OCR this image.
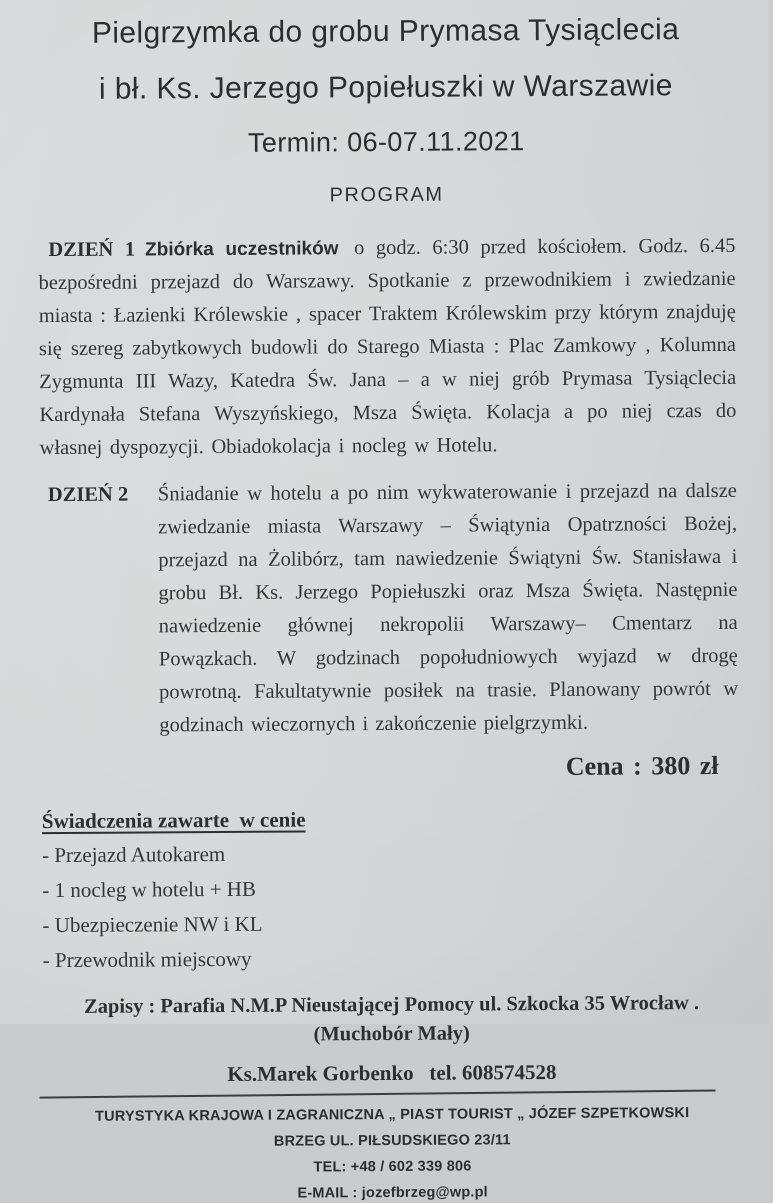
Pielgrzymka do grobu Prymasa Tysiąclecia
i bł. Ks. Jerzego Popiełuszki w Warszawie
Termin: 06-07.11.2021
PROGRAM

DZIEŃ 1 Zbiórka uczestników o godz. 6:30 przed kościołem. Godz. 6.45 bezpośredni przejazd do Warszawy. Spotkanie z przewodnikiem i zwiedzanie miasta : Łazienki Królewskie , spacer Traktem Królewskim przy którym znajduję się szereg zabytkowych budowli do Starego Miasta : Plac Zamkowy , Kolumna Zygmunta III Wazy, Katedra Św. Jana – a w niej grób Prymasa Tysiąclecia Kardynała Stefana Wyszyńskiego, Msza Święta. Kolacja a po niej czas do własnej dyspozycji. Obiadokolacja i nocleg w Hotelu.

DZIEŃ 2	Śniadanie w hotelu a po nim wykwaterowanie i przejazd na dalsze zwiedzanie miasta Warszawy – Świątynia Opatrzności Bożej, przejazd na Żolibórz, tam nawiedzenie Świątyni Św. Stanisława i grobu Bł. Ks. Jerzego Popiełuszki oraz Msza Święta. Następnie nawiedzenie głównej nekropolii Warszawy– Cmentarz na Powązkach. W godzinach popołudniowych wyjazd w drogę powrotną. Fakultatywnie posiłek na trasie. Planowany powrót w godzinach wieczornych i zakończenie pielgrzymki.
Cena : 380 zł
Świadczenia zawarte  w cenie
- Przejazd Autokarem
- 1 nocleg w hotelu + HB
- Ubezpieczenie NW i KL
- Przewodnik miejscowy
Zapisy : Parafia N.M.P Nieustającej Pomocy ul. Szkocka 35 Wrocław .
(Muchobór Mały)
Ks.Marek Gorbenko   tel. 608574528
TURYSTYKA KRAJOWA I ZAGRANICZNA „ PIAST TOURIST „ JÓZEF SZPETKOWSKI
BRZEG UL. PIŁSUDSKIEGO 23/11
TEL: +48 / 602 339 806
E-MAIL : jozefbrzeg@wp.pl
